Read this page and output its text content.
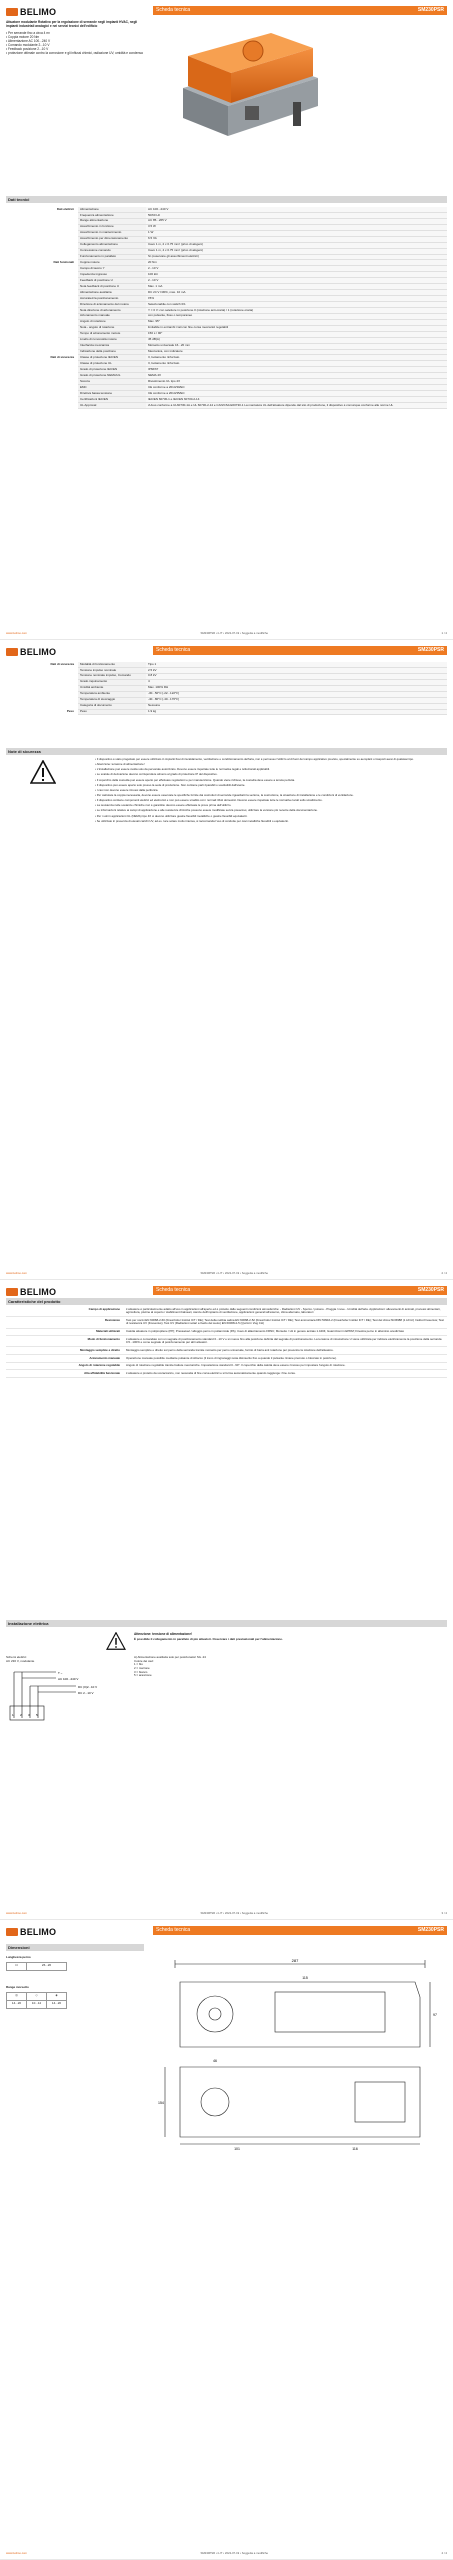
BELIMO	Scheda tecnica	SM230PSR
Attuatore modulante Rotativo per la regolazione di serrande negli impianti HVAC, negli impianti industriali analogici e nei servizi tecnici dell'edificio
• Per serrande fino a circa 4 m²
• Coppia motore 20 Nm
• Alimentazione AC 100...240 V
• Comando modulante 2...10 V
• Feedback posizione 2...10 V
• protezione ottimale contro la corrosione e gli influssi chimici, radiazione UV, umidità e condensa
Dati tecnici
Dati elettrici	Alimentazione	AC 100...240 V
	Frequenza alimentazione	50/60 Hz
	Range alimentazione	AC 85...265 V
	Assorbimento in funzione	3.5 W
	Assorbimento in mantenimento	1 W
	Assorbimento per dimensionamento	6.5 VA
	Collegamento alimentazione	Cavo 1 m, 2 x 0.75 mm² (privo di alogeni)
	Connessione comando	Cavo 1 m, 4 x 0.75 mm² (privo di alogeni)
	Funzionamento in parallelo	Sì (osservare gli assorbimenti elettrici)
Dati funzionali	Coppia motore	20 Nm
	Campo di lavoro Y	2...10 V
	Impedenza ingresso	100 kΩ
	Feedback di posizione U	2...10 V
	Nota feedback di posizione U	Max. 1 mA
	Alimentazione ausiliaria	DC 24 V ±30%, max. 10 mA
	Accuratezza posizionamento	±5%
	Direzione di azionamento del motore	Selezionabile con switch 0/1
	Nota direzione di azionamento	Y = 0 V: con selettore in posizione 0 (rotazione anti-oraria) / 1 (rotazione oraria)
	Azionamento manuale	con pulsante, fisso o temporaneo
	Angolo di rotazione	Max. 95°
	Nota - angolo di rotazione	limitabile in entrambi i lati con fine corsa meccanici regolabili
	Tempo di azionamento motore	150 s / 90°
	Livello di rumorosità motore	45 dB(A)
	Interfaccia meccanica	Morsetto universale 16...20 mm
	Indicazione della posizione	Meccanica, con indicatore
Dati di sicurezza	Classe di protezione IEC/EN	II, Isolamento rinforzato
	Classe di protezione UL	II, Isolamento rinforzato
	Grado di protezione IEC/EN	IP66/67
	Grado di protezione NEMA/UL	NEMA 4X
	Scocca	Rivestimento UL tipo 4X
	EMC	CE conforme a 2014/30/EC
	Direttiva bassa tensione	CE conforme a 2014/35/EC
	Certificazioni IEC/EN	IEC/EN 60730-1 e IEC/EN 60730-2-14
	UL Approval	cULus conforme a UL60730-1A e UL 60730-2-14 e CAN/CSA E60730-1 La marcatura UL dell'attuatore dipende dal sito di produzione, il dispositivo è comunque conforme alle norme UL
www.belimo.com	SM230PSR • it-IT • 2022-07-19 • Soggetta a modifiche	1 / 4
BELIMO	Scheda tecnica	SM230PSR
Dati di sicurezza	Modalità di funzionamento	Tipo 1
	Tensione impulso nominale	2.5 kV
	Tensione nominale impulso, Comando	0.8 kV
	Grado inquinamento	4
	Umidità ambiente	Max. 100% RH
	Temperatura ambiente	-30...50°C [-22...122°F]
	Temperatura di stoccaggio	-40...80°C [-40...176°F]
	Categoria di documento	Nessuna
Peso	Peso	1.9 kg
Note di sicurezza
• Il dispositivo è stato progettato per essere utilizzato in impianti fissi di riscaldamento, ventilazione e condizionamento dell'aria, non è permesso l'utilizzo al di fuori del campo applicativo previsto, specialmente su aeroplani o trasporti aerei di qualsiasi tipo.
• Attenzione: tensione di alimentazione!
• L'installazione può essere svolta solo da personale autorizzato. Devono essere rispettate tutte le normative legali e istituzionali applicabili.
• Le scatole di derivazione devono corrispondere almeno al grado di protezione IP del dispositivo.
• Il coperchio della custodia può essere aperto per effettuare regolazioni e per manutenzione. Quando viene richiuso, la custodia deve essere a tenuta perfetta.
• Il dispositivo può essere aperto solo presso la sede di produzione. Non contiene parti riparabili o sostituibili dall'utente.
• I cavi non devono essere rimossi dalla periferica.
• Per calcolare la coppia necessaria, devono essere osservate le specifiche fornite dai costruttori di serrande riguardanti la sezione, la costruzione, la situazione di installazione e le condizioni di ventilazione.
• Il dispositivo contiene componenti elettrici ed elettronici e non può essere smaltito con i normali rifiuti domestici. Devono essere rispettate tutte le normative locali sullo smaltimento.
• La resistenza nelle sostanze chimiche non è garantita: devono essere effettuate le prove prima dell'utilizzo.
• Le informazioni relative ai campi di applicazione e alle resistenze chimiche possono essere modificate senza preavviso; utilizzare la versione più recente della documentazione.
• Per i soli in applicazioni UL (NEMA) tipo 4X si devono utilizzare guaine flessibili metalliche o guaine flessibili equivalenti.
• Se utilizzato in presenza di elevati carichi UV, ad es. luce solare molto intensa, si raccomanda l'uso di condotte per cavi metalliche flessibili o equivalenti.
www.belimo.com	SM230PSR • it-IT • 2022-07-19 • Soggetta a modifiche	2 / 4
BELIMO	Scheda tecnica	SM230PSR
Caratteristiche del prodotto
Campo di applicazione	L'attuatore è particolarmente adatto all'uso in applicazioni all'aperto ed è protetto dalle seguenti condizioni atmosferiche: - Radiazioni UV - Sporco / polvere - Pioggia / neve - Umidità dell'aria. Applicazioni: allevamenti di animali, processi alimentari, agricoltura, piscine al coperto / stabilimenti balneari, stanze dell'impianto di ventilazione, applicazioni generali all'esterno, clima alternato, laboratori
Resistenze	Test per nocivi EN 60068-2-60 (Fraunhofer Institut ICT / DE); Test della nebbia salina EN 60068-2-52 (Fraunhofer Institut ICT / DE); Test ammoniaca DIN 50916-2 (Fraunhofer Institut ICT / DE); Test del clima ISO6988 (1 kJ/m²) Institut Fresenius; Test di resistenza UV (Fresenius); Test UV (Radiazioni solari a livello del suolo) EN 60068-2-5 (Quzmit / Zug CH)
Materiali utilizzati	Calotta attuatore in polipropilene (PP); Pressacavi / alloggio perno in poliammide (PA); Cavo di allacciamento FRNC; Morsetto / viti in genere acciaio 1.4404; Guarnizioni in EPDM; Finestra perno in alluminio anodizzato
Modo di funzionamento	L'attuatore è comandato con un segnale di posizionamento standard 0...10 V e si muove fino alla posizione definita dal segnale di posizionamento. La tensione di misurazione U viene utilizzata per indicare elettricamente la posizione della serranda 0.5...100% e come segnale di posizionamento per altri attuatori.
Montaggio semplice e diretto	Montaggio semplice e diretto sul perno della serranda tramite morsetto per perno universale, fornito di barra anti rotazione per prevenire la rotazione dell'attuatore.
Azionamento manuale	Operazione manuale possibile mediante pulsante di sblocco (il treno di ingranaggi resta disinserito fino a quando il pulsante rimane premuto o bloccato in posizione).
Angolo di rotazione regolabile	Angolo di rotazione regolabile tramite battute meccaniche. Impostazione standard 0...90°. Il coperchio della calotta deve essere rimosso per impostare l'angolo di rotazione.
Alta affidabilità funzionale	L'attuatore è protetto da sovraccarico, non necessita di fine corsa elettrici e si ferma automaticamente quando raggiunge i fine corsa.
Installazione elettrica
Attenzione: tensione di alimentazione!
È possibile il collegamento in parallelo di più attuatori. Osservare i dati prestazionali per l'alimentazione.
Schemi elettrici
AC 230 V, modulante
T ~
AC 100...240 V
DC (0)2...10 V
DC 2...10 V
1 2 3 5
A) Alimentazione ausiliaria solo per posizionatori SG..24
Colore dei cavi:
1 = blu
2 = marrone
3 = bianco
5 = arancione
www.belimo.com	SM230PSR • it-IT • 2022-07-19 • Soggetta a modifiche	3 / 4
BELIMO	Scheda tecnica	SM230PSR
Dimensioni
Lunghezza perno
⊡	26...26
Range morsetto
◎	◇	◈
14...20	10...14	14...20
287
115
97
154
101	116
46
www.belimo.com	SM230PSR • it-IT • 2022-07-19 • Soggetta a modifiche	4 / 4
